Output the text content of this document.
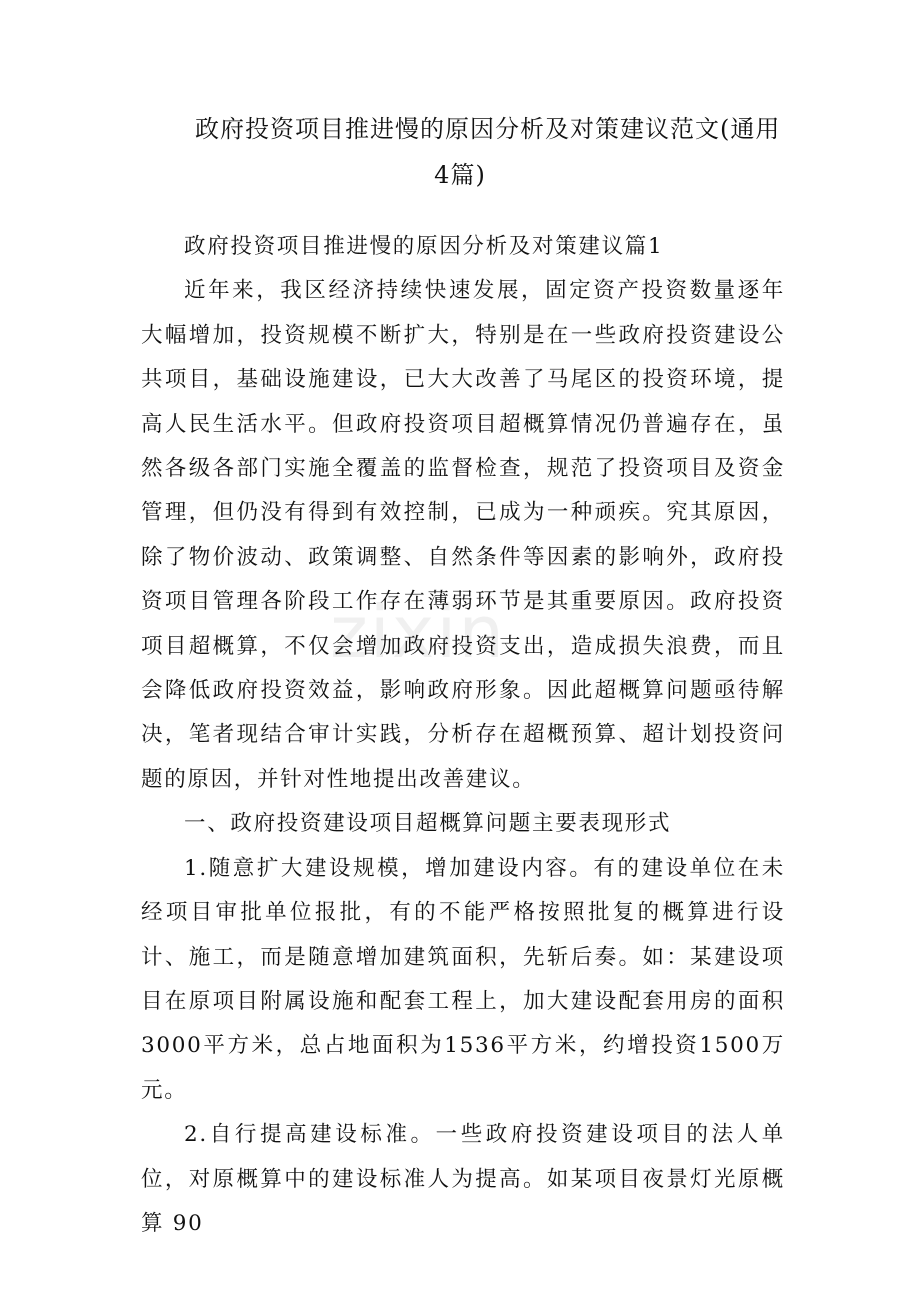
政府投资项目推进慢的原因分析及对策建议范文(通用
4篇)

政府投资项目推进慢的原因分析及对策建议篇1

近年来，我区经济持续快速发展，固定资产投资数量逐年大幅增加，投资规模不断扩大，特别是在一些政府投资建设公共项目，基础设施建设，已大大改善了马尾区的投资环境，提高人民生活水平。但政府投资项目超概算情况仍普遍存在，虽然各级各部门实施全覆盖的监督检查，规范了投资项目及资金管理，但仍没有得到有效控制，已成为一种顽疾。究其原因，除了物价波动、政策调整、自然条件等因素的影响外，政府投资项目管理各阶段工作存在薄弱环节是其重要原因。政府投资项目超概算，不仅会增加政府投资支出，造成损失浪费，而且会降低政府投资效益，影响政府形象。因此超概算问题亟待解决，笔者现结合审计实践，分析存在超概预算、超计划投资问题的原因，并针对性地提出改善建议。

一、政府投资建设项目超概算问题主要表现形式

1.随意扩大建设规模，增加建设内容。有的建设单位在未经项目审批单位报批，有的不能严格按照批复的概算进行设计、施工，而是随意增加建筑面积，先斩后奏。如：某建设项目在原项目附属设施和配套工程上，加大建设配套用房的面积 3000平方米，总占地面积为1536平方米，约增投资1500万元。

2.自行提高建设标准。一些政府投资建设项目的法人单位，对原概算中的建设标准人为提高。如某项目夜景灯光原概算 90

zixin
